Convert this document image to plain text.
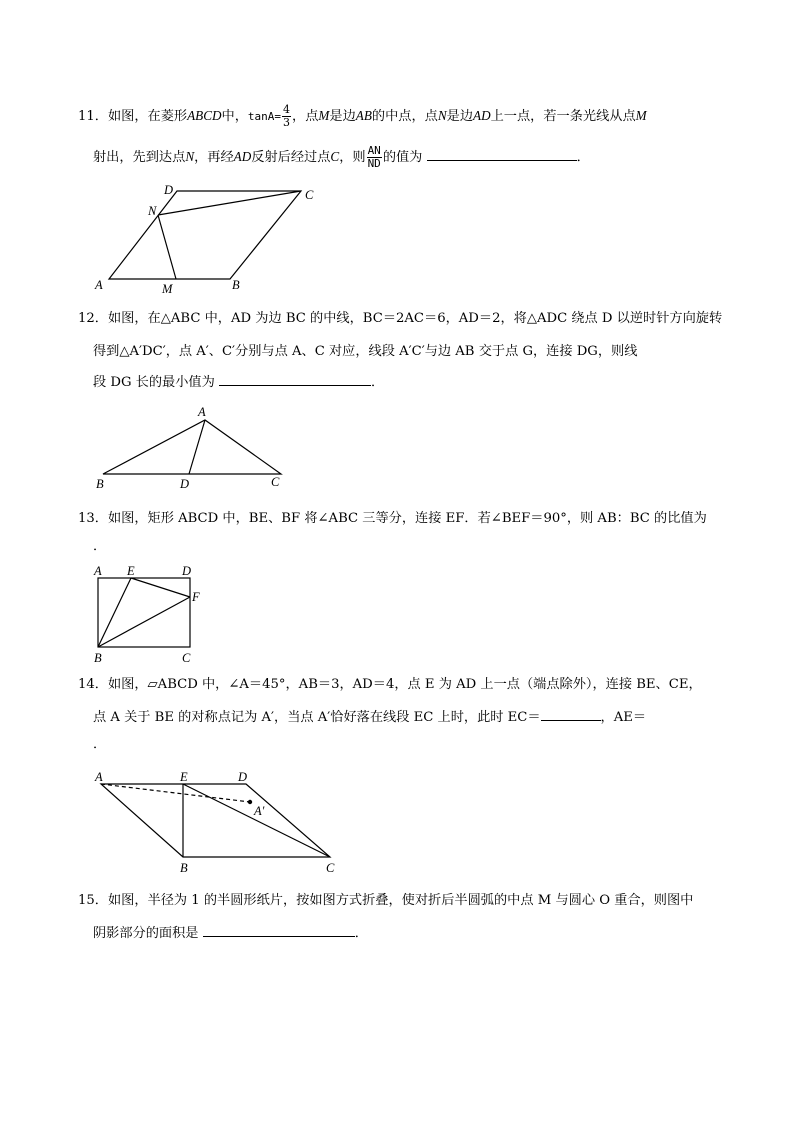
11．如图，在菱形ABCD中，$\tan A= \frac{4}{3}$ ，点M是边AB的中点，点N是边AD上一点，若一条光线从点M
射出，先到达点N，再经AD反射后经过点C，则 $\frac{AN}{ND}$ 的值为	．
12．如图，在△ABC 中，AD 为边 BC 的中线，BC＝2AC＝6，AD＝2，将△ADC 绕点 D 以逆时针方向旋转
得到△A′DC′，点 A′、C′分别与点 A、C 对应，线段 A′C′与边 AB 交于点 G，连接 DG，则线
段 DG 长的最小值为	．
13．如图，矩形 ABCD 中，BE、BF 将∠ABC 三等分，连接 EF．若∠BEF＝90°，则 AB：BC 的比值为
．
14．如图，▱ABCD 中，∠A＝45°，AB＝3，AD＝4，点 E 为 AD 上一点（端点除外），连接 BE、CE，
点 A 关于 BE 的对称点记为 A′，当点 A′恰好落在线段 EC 上时，此时 EC＝	，AE＝
．
15．如图，半径为 1 的半圆形纸片，按如图方式折叠，使对折后半圆弧的中点 M 与圆心 O 重合，则图中
阴影部分的面积是	．
A	M	B
C
D
N
A
B	D	C
A E	D
F
B	C
A	E	D
A′
B	C
